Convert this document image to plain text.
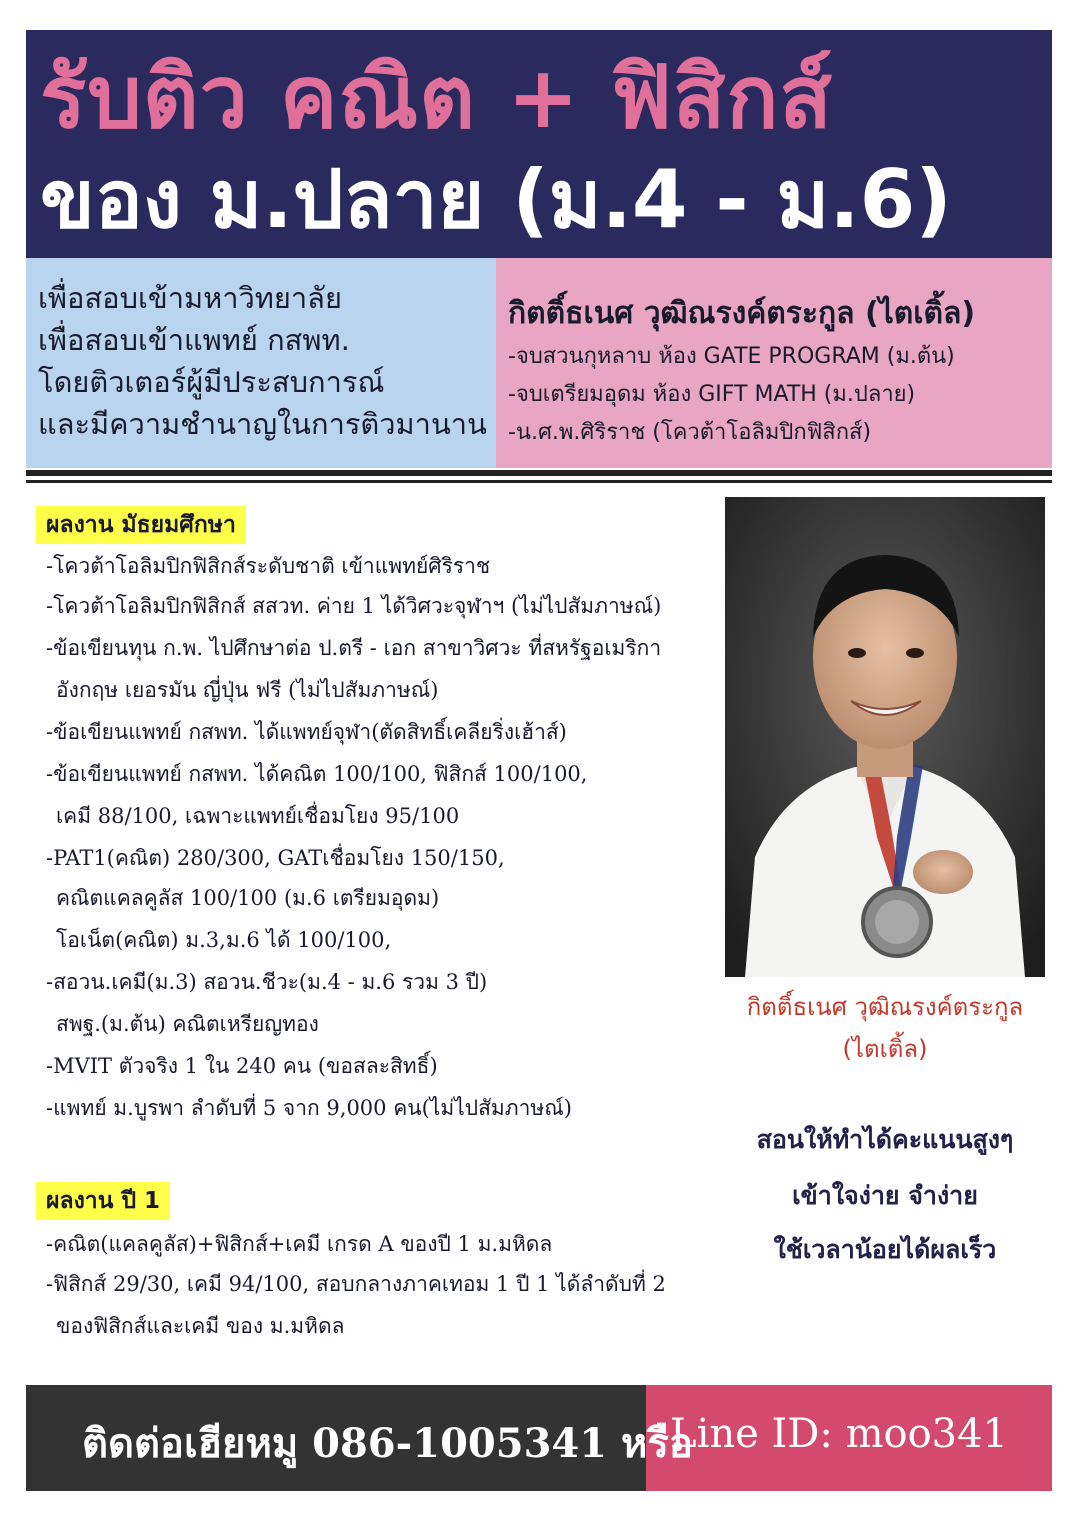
รับติว คณิต + ฟิสิกส์
ของ ม.ปลาย (ม.4 - ม.6)
เพื่อสอบเข้ามหาวิทยาลัย
เพื่อสอบเข้าแพทย์ กสพท.
โดยติวเตอร์ผู้มีประสบการณ์
และมีความชำนาญในการติวมานาน
กิตติ์ธเนศ วุฒิณรงค์ตระกูล (ไตเติ้ล)
-จบสวนกุหลาบ ห้อง GATE PROGRAM (ม.ต้น)
-จบเตรียมอุดม ห้อง GIFT MATH (ม.ปลาย)
-น.ศ.พ.ศิริราช (โควต้าโอลิมปิกฟิสิกส์)
ผลงาน มัธยมศึกษา
-โควต้าโอลิมปิกฟิสิกส์ระดับชาติ เข้าแพทย์ศิริราช
-โควต้าโอลิมปิกฟิสิกส์ สสวท. ค่าย 1 ได้วิศวะจุฬาฯ (ไม่ไปสัมภาษณ์)
-ข้อเขียนทุน ก.พ. ไปศึกษาต่อ ป.ตรี - เอก สาขาวิศวะ ที่สหรัฐอเมริกา
อังกฤษ เยอรมัน ญี่ปุ่น ฟรี (ไม่ไปสัมภาษณ์)
-ข้อเขียนแพทย์ กสพท. ได้แพทย์จุฬา(ตัดสิทธิ์เคลียริ่งเฮ้าส์)
-ข้อเขียนแพทย์ กสพท. ได้คณิต 100/100, ฟิสิกส์ 100/100,
เคมี 88/100, เฉพาะแพทย์เชื่อมโยง 95/100
-PAT1(คณิต) 280/300, GATเชื่อมโยง 150/150,
คณิตแคลคูลัส 100/100 (ม.6 เตรียมอุดม)
โอเน็ต(คณิต) ม.3,ม.6 ได้ 100/100,
-สอวน.เคมี(ม.3) สอวน.ชีวะ(ม.4 - ม.6 รวม 3 ปี)
สพฐ.(ม.ต้น) คณิตเหรียญทอง
-MVIT ตัวจริง 1 ใน 240 คน (ขอสละสิทธิ์)
-แพทย์ ม.บูรพา ลำดับที่ 5 จาก 9,000 คน(ไม่ไปสัมภาษณ์)
ผลงาน ปี 1
-คณิต(แคลคูลัส)+ฟิสิกส์+เคมี เกรด A ของปี 1 ม.มหิดล
-ฟิสิกส์ 29/30, เคมี 94/100, สอบกลางภาคเทอม 1 ปี 1 ได้ลำดับที่ 2
ของฟิสิกส์และเคมี ของ ม.มหิดล
กิตติ์ธเนศ วุฒิณรงค์ตระกูล
(ไตเติ้ล)
สอนให้ทำได้คะแนนสูงๆ
เข้าใจง่าย จำง่าย
ใช้เวลาน้อยได้ผลเร็ว
ติดต่อเฮียหมู 086-1005341 หรือ
Line ID: moo341
